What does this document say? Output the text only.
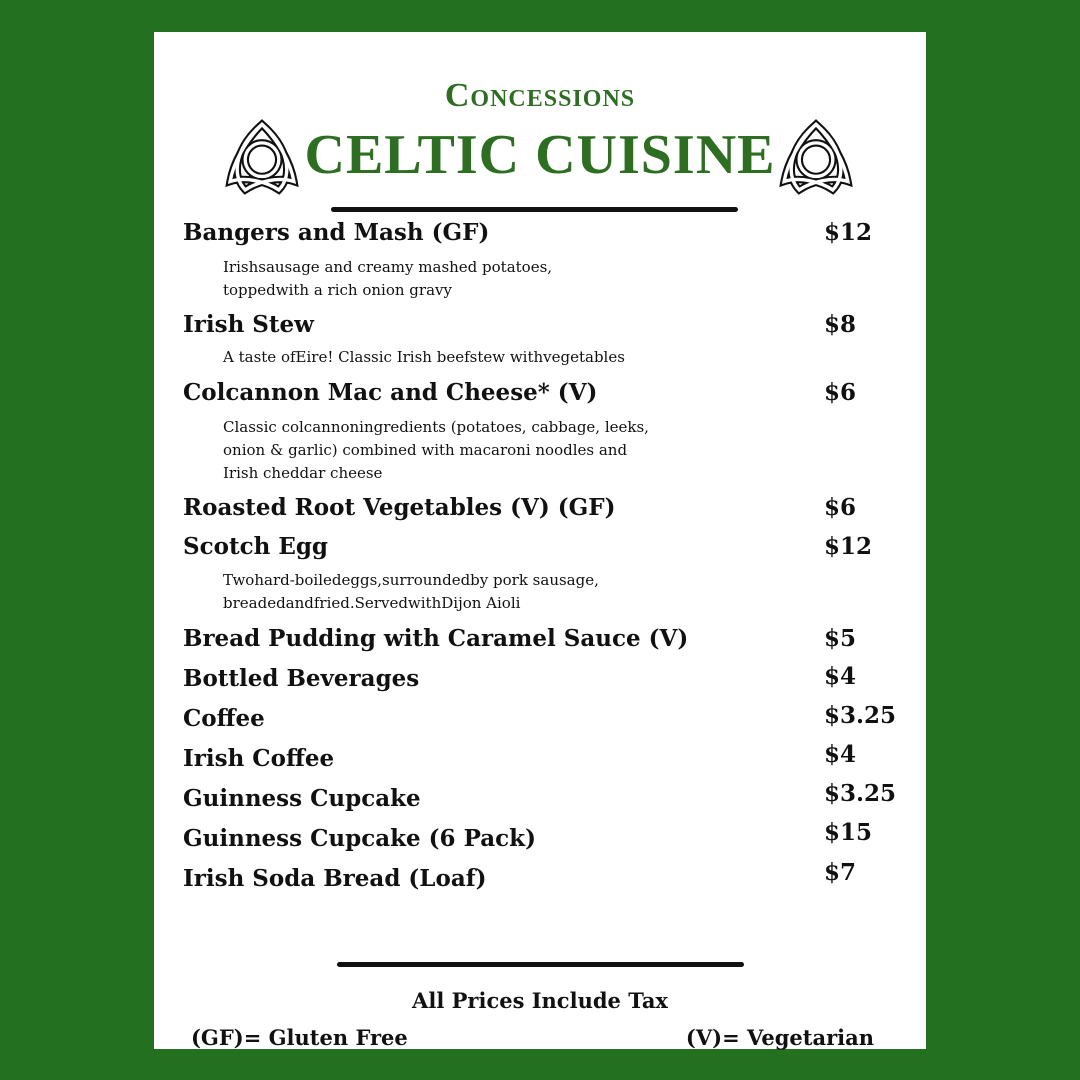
Concessions
CELTIC CUISINE
Bangers and Mash (GF)	$12
Irishsausage and creamy mashed potatoes,
toppedwith a rich onion gravy
Irish Stew	$8
A taste ofEire! Classic Irish beefstew withvegetables
Colcannon Mac and Cheese* (V)	$6
Classic colcannoningredients (potatoes, cabbage, leeks,
onion & garlic) combined with macaroni noodles and
Irish cheddar cheese
Roasted Root Vegetables (V) (GF)	$6
Scotch Egg	$12
Twohard-boiledeggs,surroundedby pork sausage,
breadedandfried.ServedwithDijon Aioli
Bread Pudding with Caramel Sauce (V)	$5
Bottled Beverages	$4
Coffee	$3.25
Irish Coffee	$4
Guinness Cupcake	$3.25
Guinness Cupcake (6 Pack)	$15
Irish Soda Bread (Loaf)	$7
All Prices Include Tax
(GF)= Gluten Free	(V)= Vegetarian
